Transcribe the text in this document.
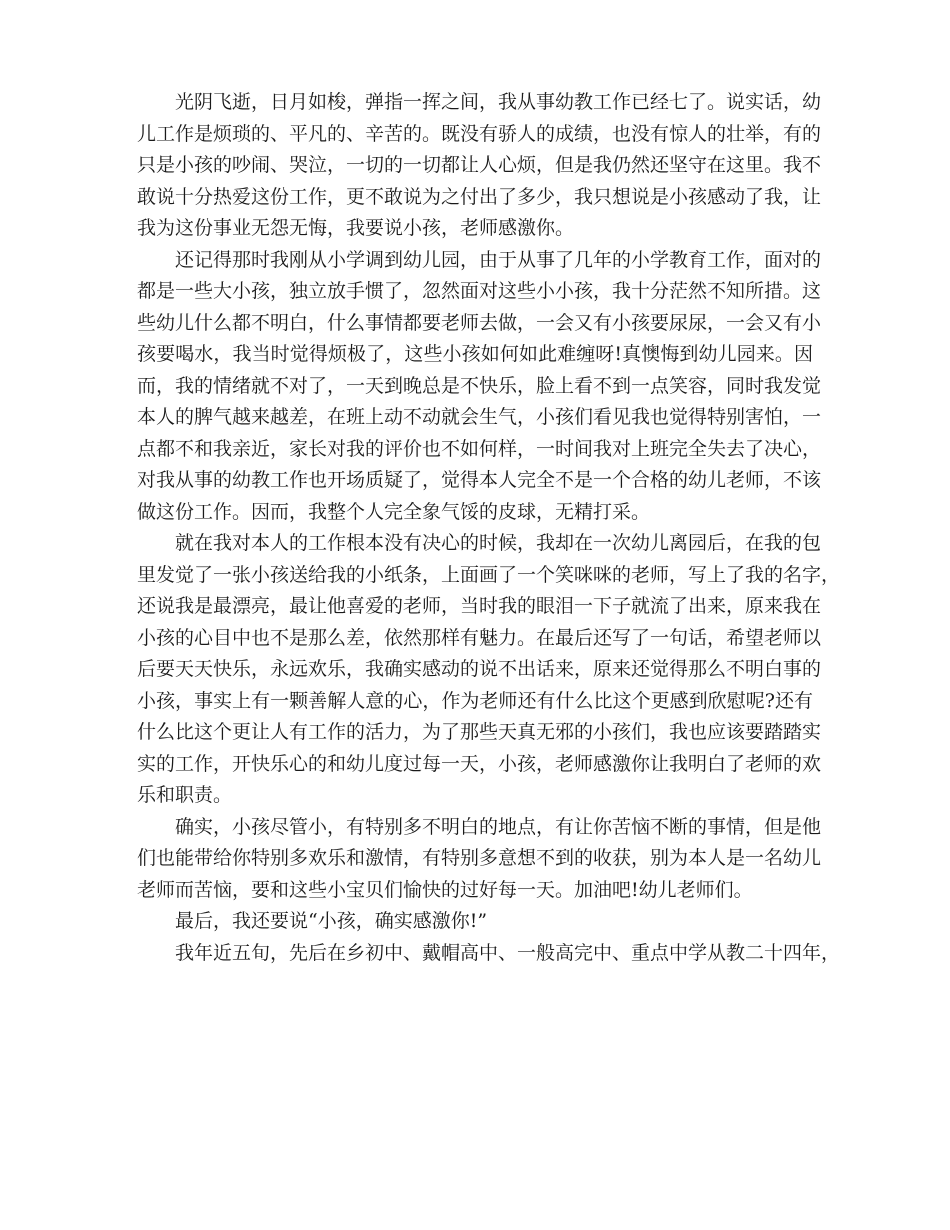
光阴飞逝，日月如梭，弹指一挥之间，我从事幼教工作已经七了。说实话，幼
儿工作是烦琐的、平凡的、辛苦的。既没有骄人的成绩，也没有惊人的壮举，有的
只是小孩的吵闹、哭泣，一切的一切都让人心烦，但是我仍然还坚守在这里。我不
敢说十分热爱这份工作，更不敢说为之付出了多少，我只想说是小孩感动了我，让
我为这份事业无怨无悔，我要说小孩，老师感激你。
还记得那时我刚从小学调到幼儿园，由于从事了几年的小学教育工作，面对的
都是一些大小孩，独立放手惯了，忽然面对这些小小孩，我十分茫然不知所措。这
些幼儿什么都不明白，什么事情都要老师去做，一会又有小孩要尿尿，一会又有小
孩要喝水，我当时觉得烦极了，这些小孩如何如此难缠呀!真懊悔到幼儿园来。因
而，我的情绪就不对了，一天到晚总是不快乐，脸上看不到一点笑容，同时我发觉
本人的脾气越来越差，在班上动不动就会生气，小孩们看见我也觉得特别害怕，一
点都不和我亲近，家长对我的评价也不如何样，一时间我对上班完全失去了决心，
对我从事的幼教工作也开场质疑了，觉得本人完全不是一个合格的幼儿老师，不该
做这份工作。因而，我整个人完全象气馁的皮球，无精打采。
就在我对本人的工作根本没有决心的时候，我却在一次幼儿离园后，在我的包
里发觉了一张小孩送给我的小纸条，上面画了一个笑咪咪的老师，写上了我的名字，
还说我是最漂亮，最让他喜爱的老师，当时我的眼泪一下子就流了出来，原来我在
小孩的心目中也不是那么差，依然那样有魅力。在最后还写了一句话，希望老师以
后要天天快乐，永远欢乐，我确实感动的说不出话来，原来还觉得那么不明白事的
小孩，事实上有一颗善解人意的心，作为老师还有什么比这个更感到欣慰呢?还有
什么比这个更让人有工作的活力，为了那些天真无邪的小孩们，我也应该要踏踏实
实的工作，开快乐心的和幼儿度过每一天，小孩，老师感激你让我明白了老师的欢
乐和职责。
确实，小孩尽管小，有特别多不明白的地点，有让你苦恼不断的事情，但是他
们也能带给你特别多欢乐和激情，有特别多意想不到的收获，别为本人是一名幼儿
老师而苦恼，要和这些小宝贝们愉快的过好每一天。加油吧!幼儿老师们。
最后，我还要说“小孩，确实感激你!”
我年近五旬，先后在乡初中、戴帽高中、一般高完中、重点中学从教二十四年，
